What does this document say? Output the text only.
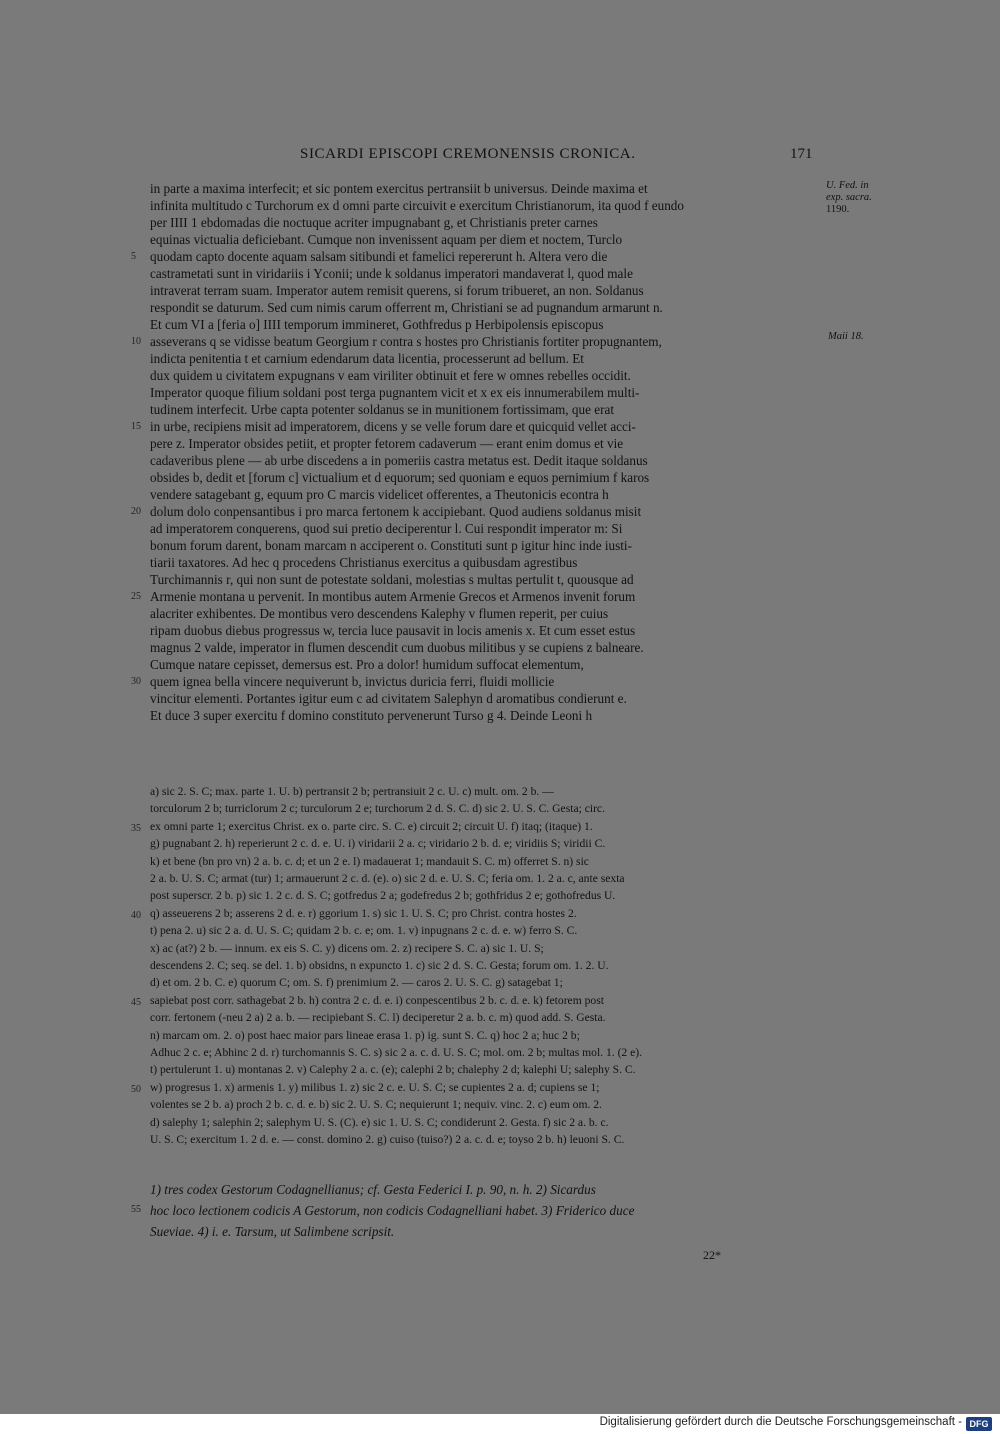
SICARDI EPISCOPI CREMONENSIS CRONICA.	171
U. Fed. in exp. sacra.
1190.
Maii 18.
in parte a maxima interfecit; et sic pontem exercitus pertransiit b universus. Deinde maxima et
infinita multitudo c Turchorum ex d omni parte circuivit e exercitum Christianorum, ita quod f eundo
per IIII 1 ebdomadas die noctuque acriter impugnabant g, et Christianis preter carnes
equinas victualia deficiebant. Cumque non invenissent aquam per diem et noctem, Turclo
quodam capto docente aquam salsam sitibundi et famelici repererunt h. Altera vero die
castrametati sunt in viridariis i Yconii; unde k soldanus imperatori mandaverat l, quod male
intraverat terram suam. Imperator autem remisit querens, si forum tribueret, an non. Soldanus
respondit se daturum. Sed cum nimis carum offerrent m, Christiani se ad pugnandum armarunt n.
Et cum VI a [feria o] IIII temporum immineret, Gothfredus p Herbipolensis episcopus
asseverans q se vidisse beatum Georgium r contra s hostes pro Christianis fortiter propugnantem,
indicta penitentia t et carnium edendarum data licentia, processerunt ad bellum. Et
dux quidem u civitatem expugnans v eam viriliter obtinuit et fere w omnes rebelles occidit.
Imperator quoque filium soldani post terga pugnantem vicit et x ex eis innumerabilem multi-
tudinem interfecit. Urbe capta potenter soldanus se in munitionem fortissimam, que erat
in urbe, recipiens misit ad imperatorem, dicens y se velle forum dare et quicquid vellet acci-
pere z. Imperator obsides petiit, et propter fetorem cadaverum — erant enim domus et vie
cadaveribus plene — ab urbe discedens a in pomeriis castra metatus est. Dedit itaque soldanus
obsides b, dedit et [forum c] victualium et d equorum; sed quoniam e equos pernimium f karos
vendere satagebant g, equum pro C marcis videlicet offerentes, a Theutonicis econtra h
dolum dolo conpensantibus i pro marca fertonem k accipiebant. Quod audiens soldanus misit
ad imperatorem conquerens, quod sui pretio deciperentur l. Cui respondit imperator m: Si
bonum forum darent, bonam marcam n acciperent o. Constituti sunt p igitur hinc inde iusti-
tiarii taxatores. Ad hec q procedens Christianus exercitus a quibusdam agrestibus
Turchimannis r, qui non sunt de potestate soldani, molestias s multas pertulit t, quousque ad
Armenie montana u pervenit. In montibus autem Armenie Grecos et Armenos invenit forum
alacriter exhibentes. De montibus vero descendens Kalephy v flumen reperit, per cuius
ripam duobus diebus progressus w, tercia luce pausavit in locis amenis x. Et cum esset estus
magnus 2 valde, imperator in flumen descendit cum duobus militibus y se cupiens z balneare.
Cumque natare cepisset, demersus est. Pro a dolor! humidum suffocat elementum,
quem ignea bella vincere nequiverunt b, invictus duricia ferri, fluidi mollicie
vincitur elementi. Portantes igitur eum c ad civitatem Salephyn d aromatibus condierunt e.
Et duce 3 super exercitu f domino constituto pervenerunt Turso g 4. Deinde Leoni h
5
10
15
20
25
30
a) sic 2. S. C; max. parte 1. U. b) pertransit 2 b; pertransiuit 2 c. U. c) mult. om. 2 b. —
torculorum 2 b; turriclorum 2 c; turculorum 2 e; turchorum 2 d. S. C. d) sic 2. U. S. C. Gesta; circ.
ex omni parte 1; exercitus Christ. ex o. parte circ. S. C. e) circuit 2; circuit U. f) itaq; (itaque) 1.
g) pugnabant 2. h) reperierunt 2 c. d. e. U. i) viridarii 2 a. c; viridario 2 b. d. e; viridiis S; viridii C.
k) et bene (bn pro vn) 2 a. b. c. d; et un 2 e. l) madauerat 1; mandauit S. C. m) offerret S. n) sic
2 a. b. U. S. C; armat (tur) 1; armauerunt 2 c. d. (e). o) sic 2 d. e. U. S. C; feria om. 1. 2 a. c, ante sexta
post superscr. 2 b. p) sic 1. 2 c. d. S. C; gotfredus 2 a; godefredus 2 b; gothfridus 2 e; gothofredus U.
q) asseuerens 2 b; asserens 2 d. e. r) ggorium 1. s) sic 1. U. S. C; pro Christ. contra hostes 2.
t) pena 2. u) sic 2 a. d. U. S. C; quidam 2 b. c. e; om. 1. v) inpugnans 2 c. d. e. w) ferro S. C.
x) ac (at?) 2 b. — innum. ex eis S. C. y) dicens om. 2. z) recipere S. C. a) sic 1. U. S;
descendens 2. C; seq. se del. 1. b) obsidns, n expuncto 1. c) sic 2 d. S. C. Gesta; forum om. 1. 2. U.
d) et om. 2 b. C. e) quorum C; om. S. f) prenimium 2. — caros 2. U. S. C. g) satagebat 1;
sapiebat post corr. sathagebat 2 b. h) contra 2 c. d. e. i) conpescentibus 2 b. c. d. e. k) fetorem post
corr. fertonem (-neu 2 a) 2 a. b. — recipiebant S. C. l) deciperetur 2 a. b. c. m) quod add. S. Gesta.
n) marcam om. 2. o) post haec maior pars lineae erasa 1. p) ig. sunt S. C. q) hoc 2 a; huc 2 b;
Adhuc 2 c. e; Abhinc 2 d. r) turchomannis S. C. s) sic 2 a. c. d. U. S. C; mol. om. 2 b; multas mol. 1. (2 e).
t) pertulerunt 1. u) montanas 2. v) Calephy 2 a. c. (e); calephi 2 b; chalephy 2 d; kalephi U; salephy S. C.
w) progresus 1. x) armenis 1. y) milibus 1. z) sic 2 c. e. U. S. C; se cupientes 2 a. d; cupiens se 1;
volentes se 2 b. a) proch 2 b. c. d. e. b) sic 2. U. S. C; nequierunt 1; nequiv. vinc. 2. c) eum om. 2.
d) salephy 1; salephin 2; salephym U. S. (C). e) sic 1. U. S. C; condiderunt 2. Gesta. f) sic 2 a. b. c.
U. S. C; exercitum 1. 2 d. e. — const. domino 2. g) cuiso (tuiso?) 2 a. c. d. e; toyso 2 b. h) leuoni S. C.
35
40
45
50
1) tres codex Gestorum Codagnellianus; cf. Gesta Federici I. p. 90, n. h. 2) Sicardus
hoc loco lectionem codicis A Gestorum, non codicis Codagnelliani habet. 3) Friderico duce
Sueviae. 4) i. e. Tarsum, ut Salimbene scripsit.
55
22*
Digitalisierung gefördert durch die Deutsche Forschungsgemeinschaft - DFG
